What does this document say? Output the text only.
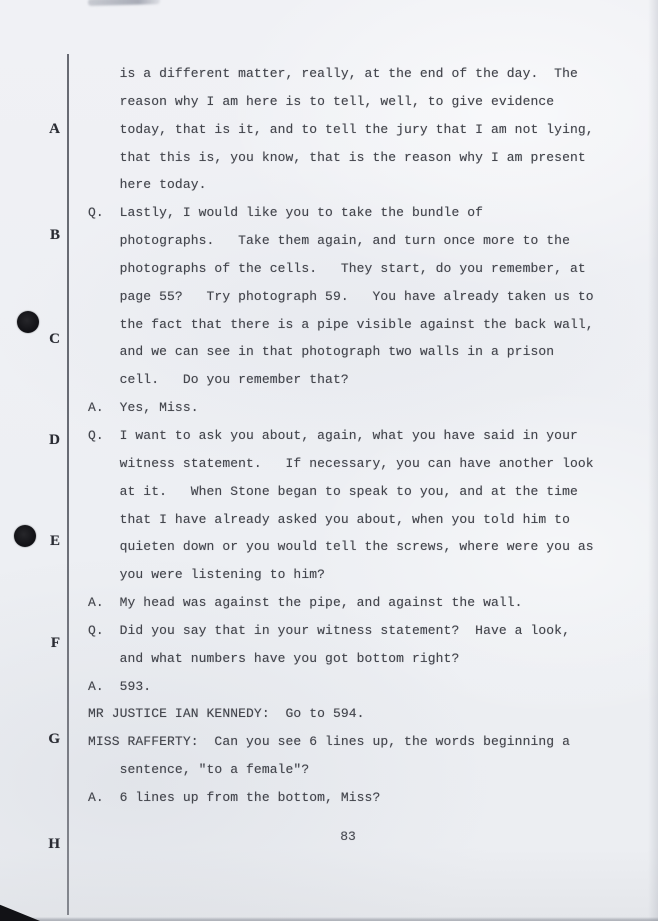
A
B
C
D
E
F
G
H
is a different matter, really, at the end of the day.  The
reason why I am here is to tell, well, to give evidence
today, that is it, and to tell the jury that I am not lying,
that this is, you know, that is the reason why I am present
here today.
Q.  Lastly, I would like you to take the bundle of
photographs.   Take them again, and turn once more to the
photographs of the cells.   They start, do you remember, at
page 55?   Try photograph 59.   You have already taken us to
the fact that there is a pipe visible against the back wall,
and we can see in that photograph two walls in a prison
cell.   Do you remember that?
A.  Yes, Miss.
Q.  I want to ask you about, again, what you have said in your
witness statement.   If necessary, you can have another look
at it.   When Stone began to speak to you, and at the time
that I have already asked you about, when you told him to
quieten down or you would tell the screws, where were you as
you were listening to him?
A.  My head was against the pipe, and against the wall.
Q.  Did you say that in your witness statement?  Have a look,
and what numbers have you got bottom right?
A.  593.
MR JUSTICE IAN KENNEDY:  Go to 594.
MISS RAFFERTY:  Can you see 6 lines up, the words beginning a
sentence, "to a female"?
A.  6 lines up from the bottom, Miss?
83
